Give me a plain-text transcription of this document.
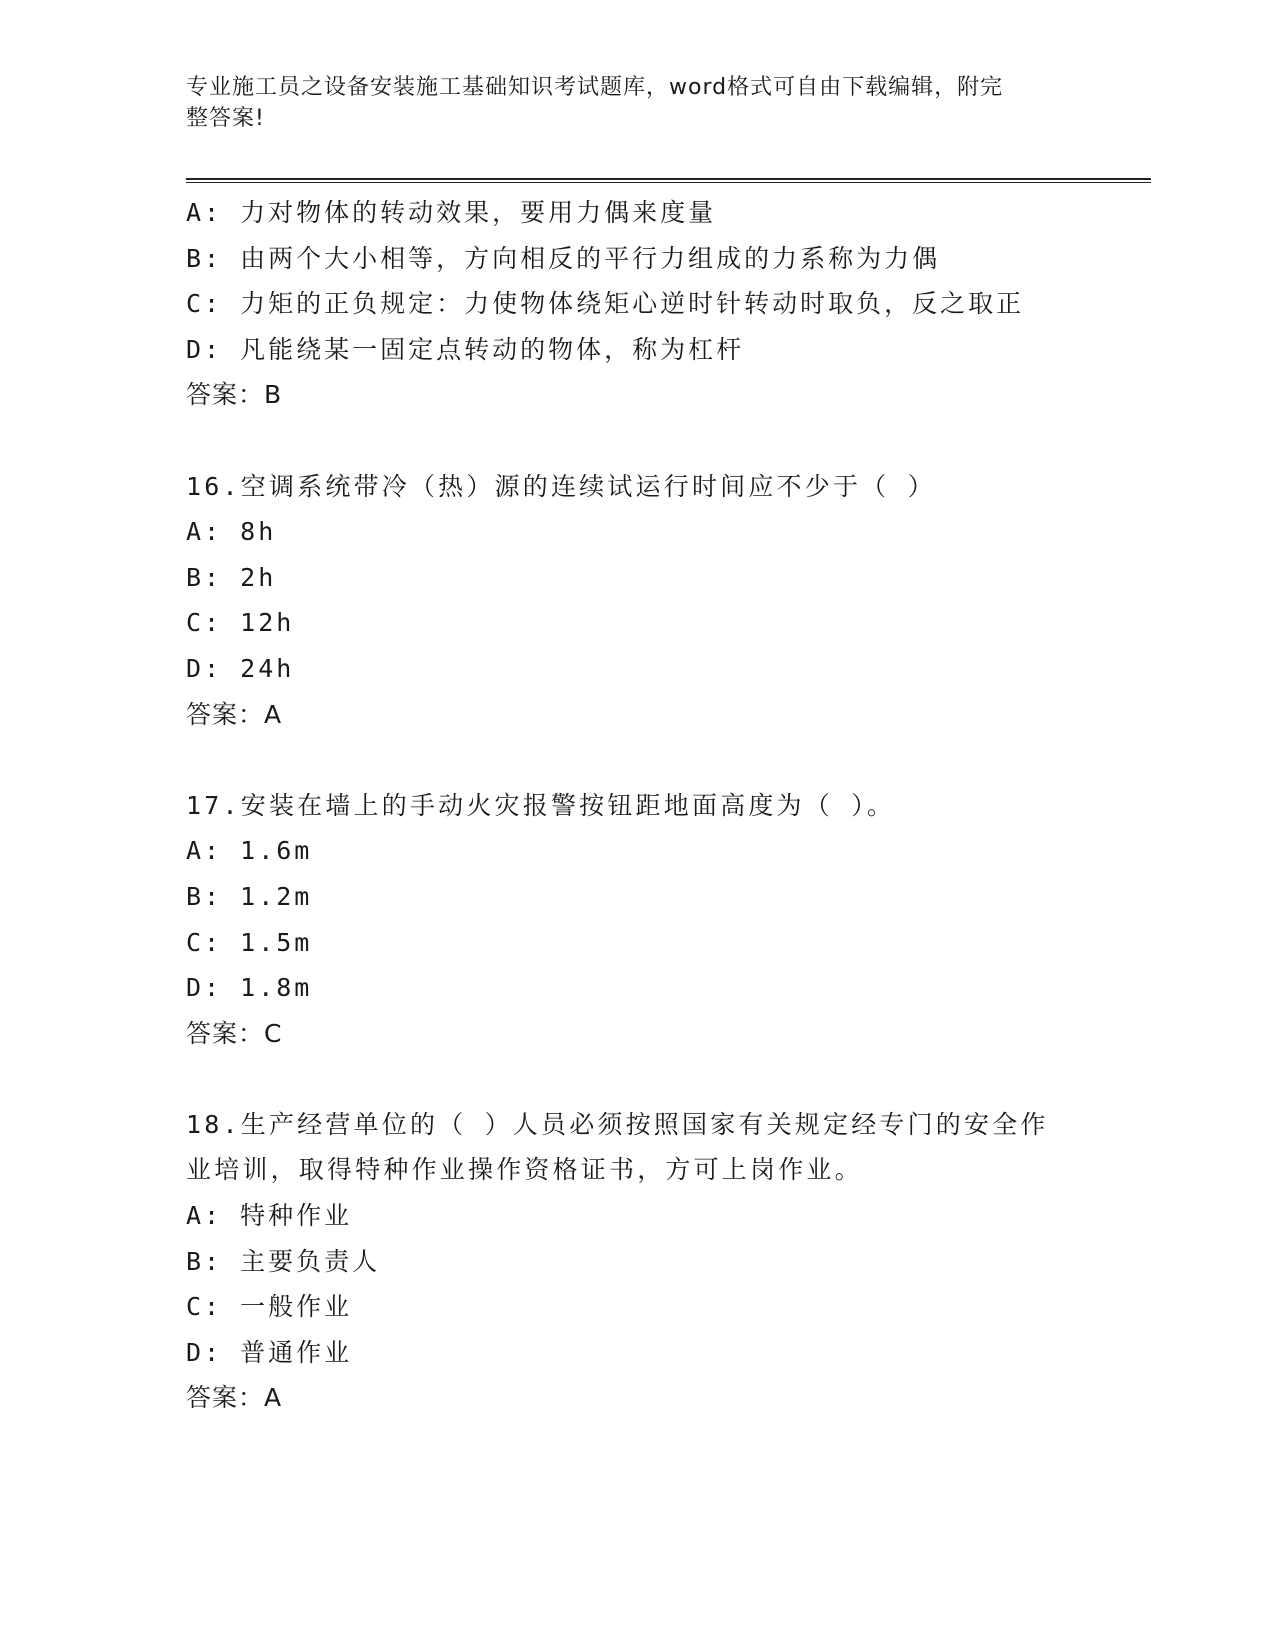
专业施工员之设备安装施工基础知识考试题库，word格式可自由下载编辑，附完
整答案!
A: 力对物体的转动效果，要用力偶来度量
B: 由两个大小相等，方向相反的平行力组成的力系称为力偶
C: 力矩的正负规定：力使物体绕矩心逆时针转动时取负，反之取正
D: 凡能绕某一固定点转动的物体，称为杠杆
答案：B
16.空调系统带冷（热）源的连续试运行时间应不少于（ ）
A: 8h
B: 2h
C: 12h
D: 24h
答案：A
17.安装在墙上的手动火灾报警按钮距地面高度为（ ）。
A: 1.6m
B: 1.2m
C: 1.5m
D: 1.8m
答案：C
18.生产经营单位的（ ）人员必须按照国家有关规定经专门的安全作
业培训，取得特种作业操作资格证书，方可上岗作业。
A: 特种作业
B: 主要负责人
C: 一般作业
D: 普通作业
答案：A
